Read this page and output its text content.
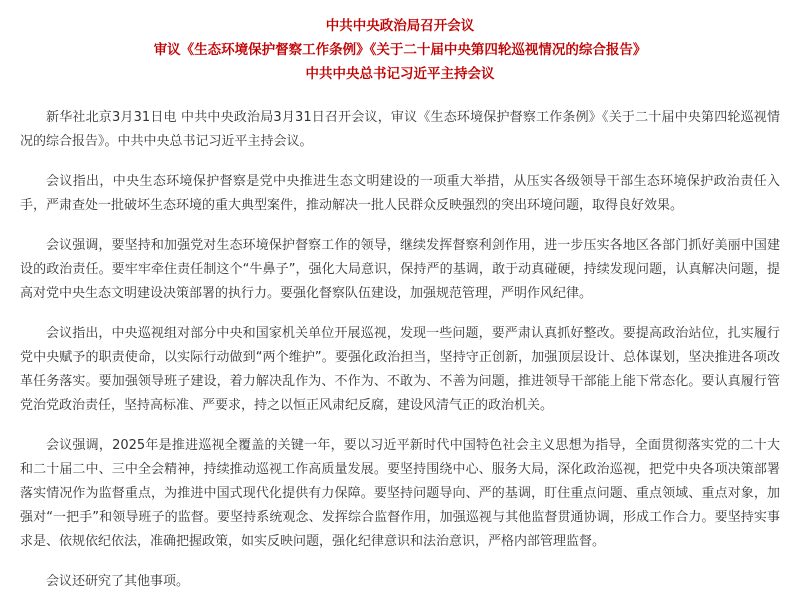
中共中央政治局召开会议
审议《生态环境保护督察工作条例》《关于二十届中央第四轮巡视情况的综合报告》
中共中央总书记习近平主持会议

新华社北京3月31日电 中共中央政治局3月31日召开会议，审议《生态环境保护督察工作条例》《关于二十届中央第四轮巡视情况的综合报告》。中共中央总书记习近平主持会议。

会议指出，中央生态环境保护督察是党中央推进生态文明建设的一项重大举措，从压实各级领导干部生态环境保护政治责任入手，严肃查处一批破坏生态环境的重大典型案件，推动解决一批人民群众反映强烈的突出环境问题，取得良好效果。

会议强调，要坚持和加强党对生态环境保护督察工作的领导，继续发挥督察利剑作用，进一步压实各地区各部门抓好美丽中国建设的政治责任。要牢牢牵住责任制这个“牛鼻子”，强化大局意识，保持严的基调，敢于动真碰硬，持续发现问题，认真解决问题，提高对党中央生态文明建设决策部署的执行力。要强化督察队伍建设，加强规范管理，严明作风纪律。

会议指出，中央巡视组对部分中央和国家机关单位开展巡视，发现一些问题，要严肃认真抓好整改。要提高政治站位，扎实履行党中央赋予的职责使命，以实际行动做到“两个维护”。要强化政治担当，坚持守正创新，加强顶层设计、总体谋划，坚决推进各项改革任务落实。要加强领导班子建设，着力解决乱作为、不作为、不敢为、不善为问题，推进领导干部能上能下常态化。要认真履行管党治党政治责任，坚持高标准、严要求，持之以恒正风肃纪反腐，建设风清气正的政治机关。

会议强调，2025年是推进巡视全覆盖的关键一年，要以习近平新时代中国特色社会主义思想为指导，全面贯彻落实党的二十大和二十届二中、三中全会精神，持续推动巡视工作高质量发展。要坚持围绕中心、服务大局，深化政治巡视，把党中央各项决策部署落实情况作为监督重点，为推进中国式现代化提供有力保障。要坚持问题导向、严的基调，盯住重点问题、重点领域、重点对象，加强对“一把手”和领导班子的监督。要坚持系统观念、发挥综合监督作用，加强巡视与其他监督贯通协调，形成工作合力。要坚持实事求是、依规依纪依法，准确把握政策，如实反映问题，强化纪律意识和法治意识，严格内部管理监督。

会议还研究了其他事项。
